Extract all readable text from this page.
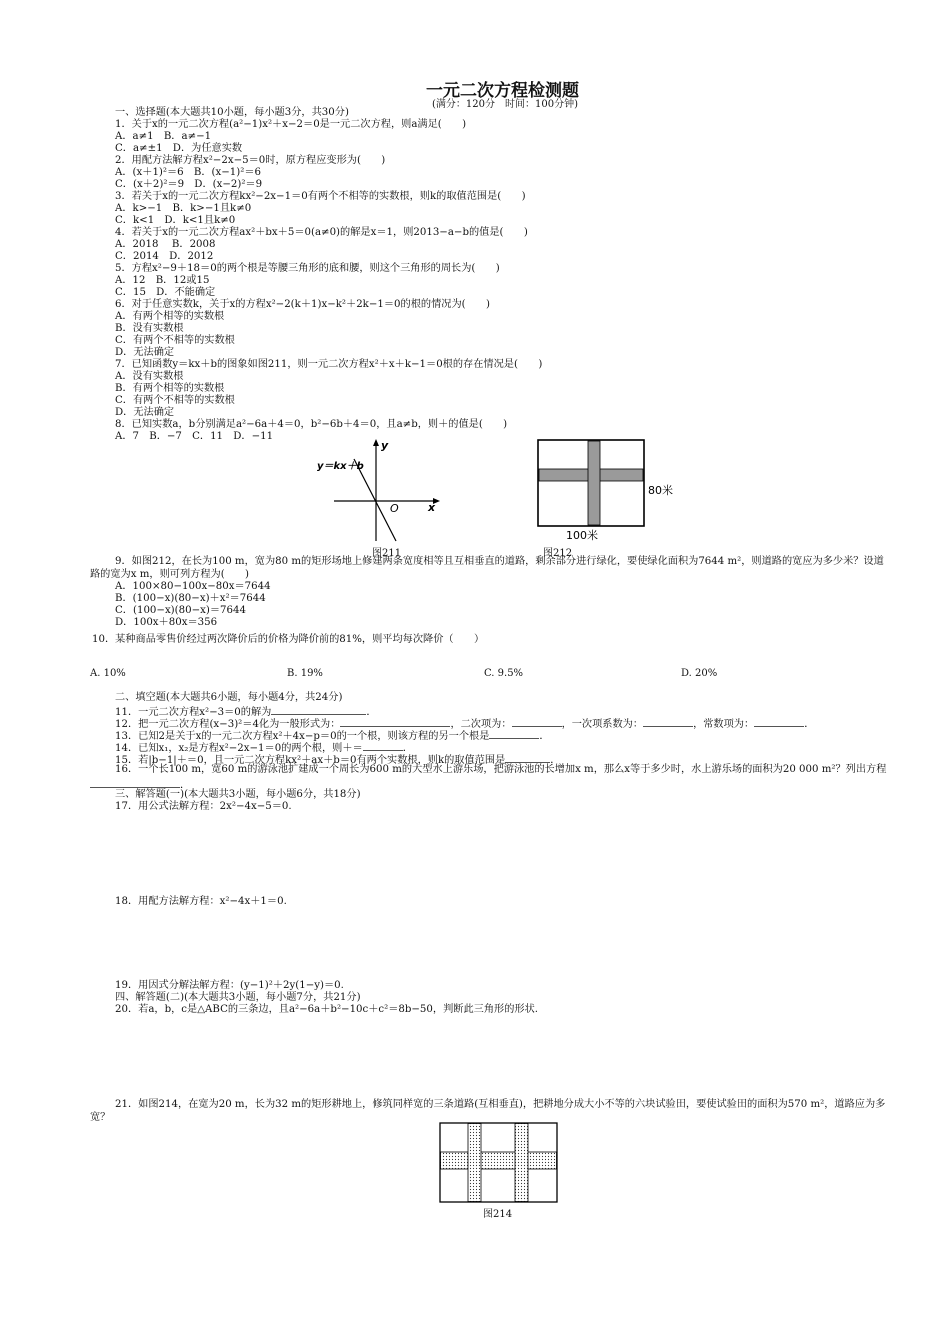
一元二次方程检测题
(满分：120分　时间：100分钟)
一、选择题(本大题共10小题，每小题3分，共30分)
1．关于x的一元二次方程(a²−1)x²＋x−2＝0是一元二次方程，则a满足(　　)
A．a≠1　B．a≠−1
C．a≠±1　D．为任意实数
2．用配方法解方程x²−2x−5＝0时，原方程应变形为(　　)
A．(x＋1)²＝6　B．(x−1)²＝6
C．(x＋2)²＝9　D．(x−2)²＝9
3．若关于x的一元二次方程kx²−2x−1＝0有两个不相等的实数根，则k的取值范围是(　　)
A．k>−1　B．k>−1且k≠0
C．k<1　D．k<1且k≠0
4．若关于x的一元二次方程ax²＋bx＋5＝0(a≠0)的解是x＝1，则2013−a−b的值是(　　)
A．2018　 B．2008
C．2014　D．2012
5．方程x²−9＋18＝0的两个根是等腰三角形的底和腰，则这个三角形的周长为(　　)
A．12　B．12或15
C．15　D．不能确定
6．对于任意实数k，关于x的方程x²−2(k＋1)x−k²＋2k−1＝0的根的情况为(　　)
A．有两个相等的实数根
B．没有实数根
C．有两个不相等的实数根
D．无法确定
7．已知函数y＝kx＋b的图象如图211，则一元二次方程x²＋x＋k−1＝0根的存在情况是(　　)
A．没有实数根
B．有两个相等的实数根
C．有两个不相等的实数根
D．无法确定
8．已知实数a，b分别满足a²−6a＋4＝0，b²−6b＋4＝0，且a≠b，则＋的值是(　　)
A．7　B．−7　C．11　D．−11
y＝kx＋b
y
x
O
图211
80米
100米
图212
9．如图212，在长为100 m，宽为80 m的矩形场地上修建两条宽度相等且互相垂直的道路，剩余部分进行绿化，要使绿化面积为7644 m²，则道路的宽应为多少米？设道路的宽为x m，则可列方程为(　　)
A．100×80−100x−80x＝7644
B．(100−x)(80−x)＋x²＝7644
C．(100−x)(80−x)＝7644
D．100x＋80x＝356
10．某种商品零售价经过两次降价后的价格为降价前的81%，则平均每次降价（　　）
A. 10%	B. 19%	C. 9.5%	D. 20%
二、填空题(本大题共6小题，每小题4分，共24分)
11．一元二次方程x²−3＝0的解为	．
12．把一元二次方程(x−3)²＝4化为一般形式为：	，二次项为：	，一次项系数为：	，常数项为：	．
13．已知2是关于x的一元二次方程x²＋4x−p＝0的一个根，则该方程的另一个根是	．
14．已知x₁，x₂是方程x²−2x−1＝0的两个根，则＋＝	．
15．若|b−1|＋＝0，且一元二次方程kx²＋ax＋b＝0有两个实数根，则k的取值范围是	．
16．一个长100 m，宽60 m的游泳池扩建成一个周长为600 m的大型水上游乐场，把游泳池的长增加x m，那么x等于多少时，水上游乐场的面积为20 000 m²？列出方程．
三、解答题(一)(本大题共3小题，每小题6分，共18分)
17．用公式法解方程：2x²−4x−5＝0.
18．用配方法解方程：x²−4x＋1＝0.
19．用因式分解法解方程：(y−1)²＋2y(1−y)＝0.
四、解答题(二)(本大题共3小题，每小题7分，共21分)
20．若a，b，c是△ABC的三条边，且a²−6a＋b²−10c＋c²＝8b−50，判断此三角形的形状.
21．如图214，在宽为20 m，长为32 m的矩形耕地上，修筑同样宽的三条道路(互相垂直)，把耕地分成大小不等的六块试验田，要使试验田的面积为570 m²，道路应为多宽？
图214
